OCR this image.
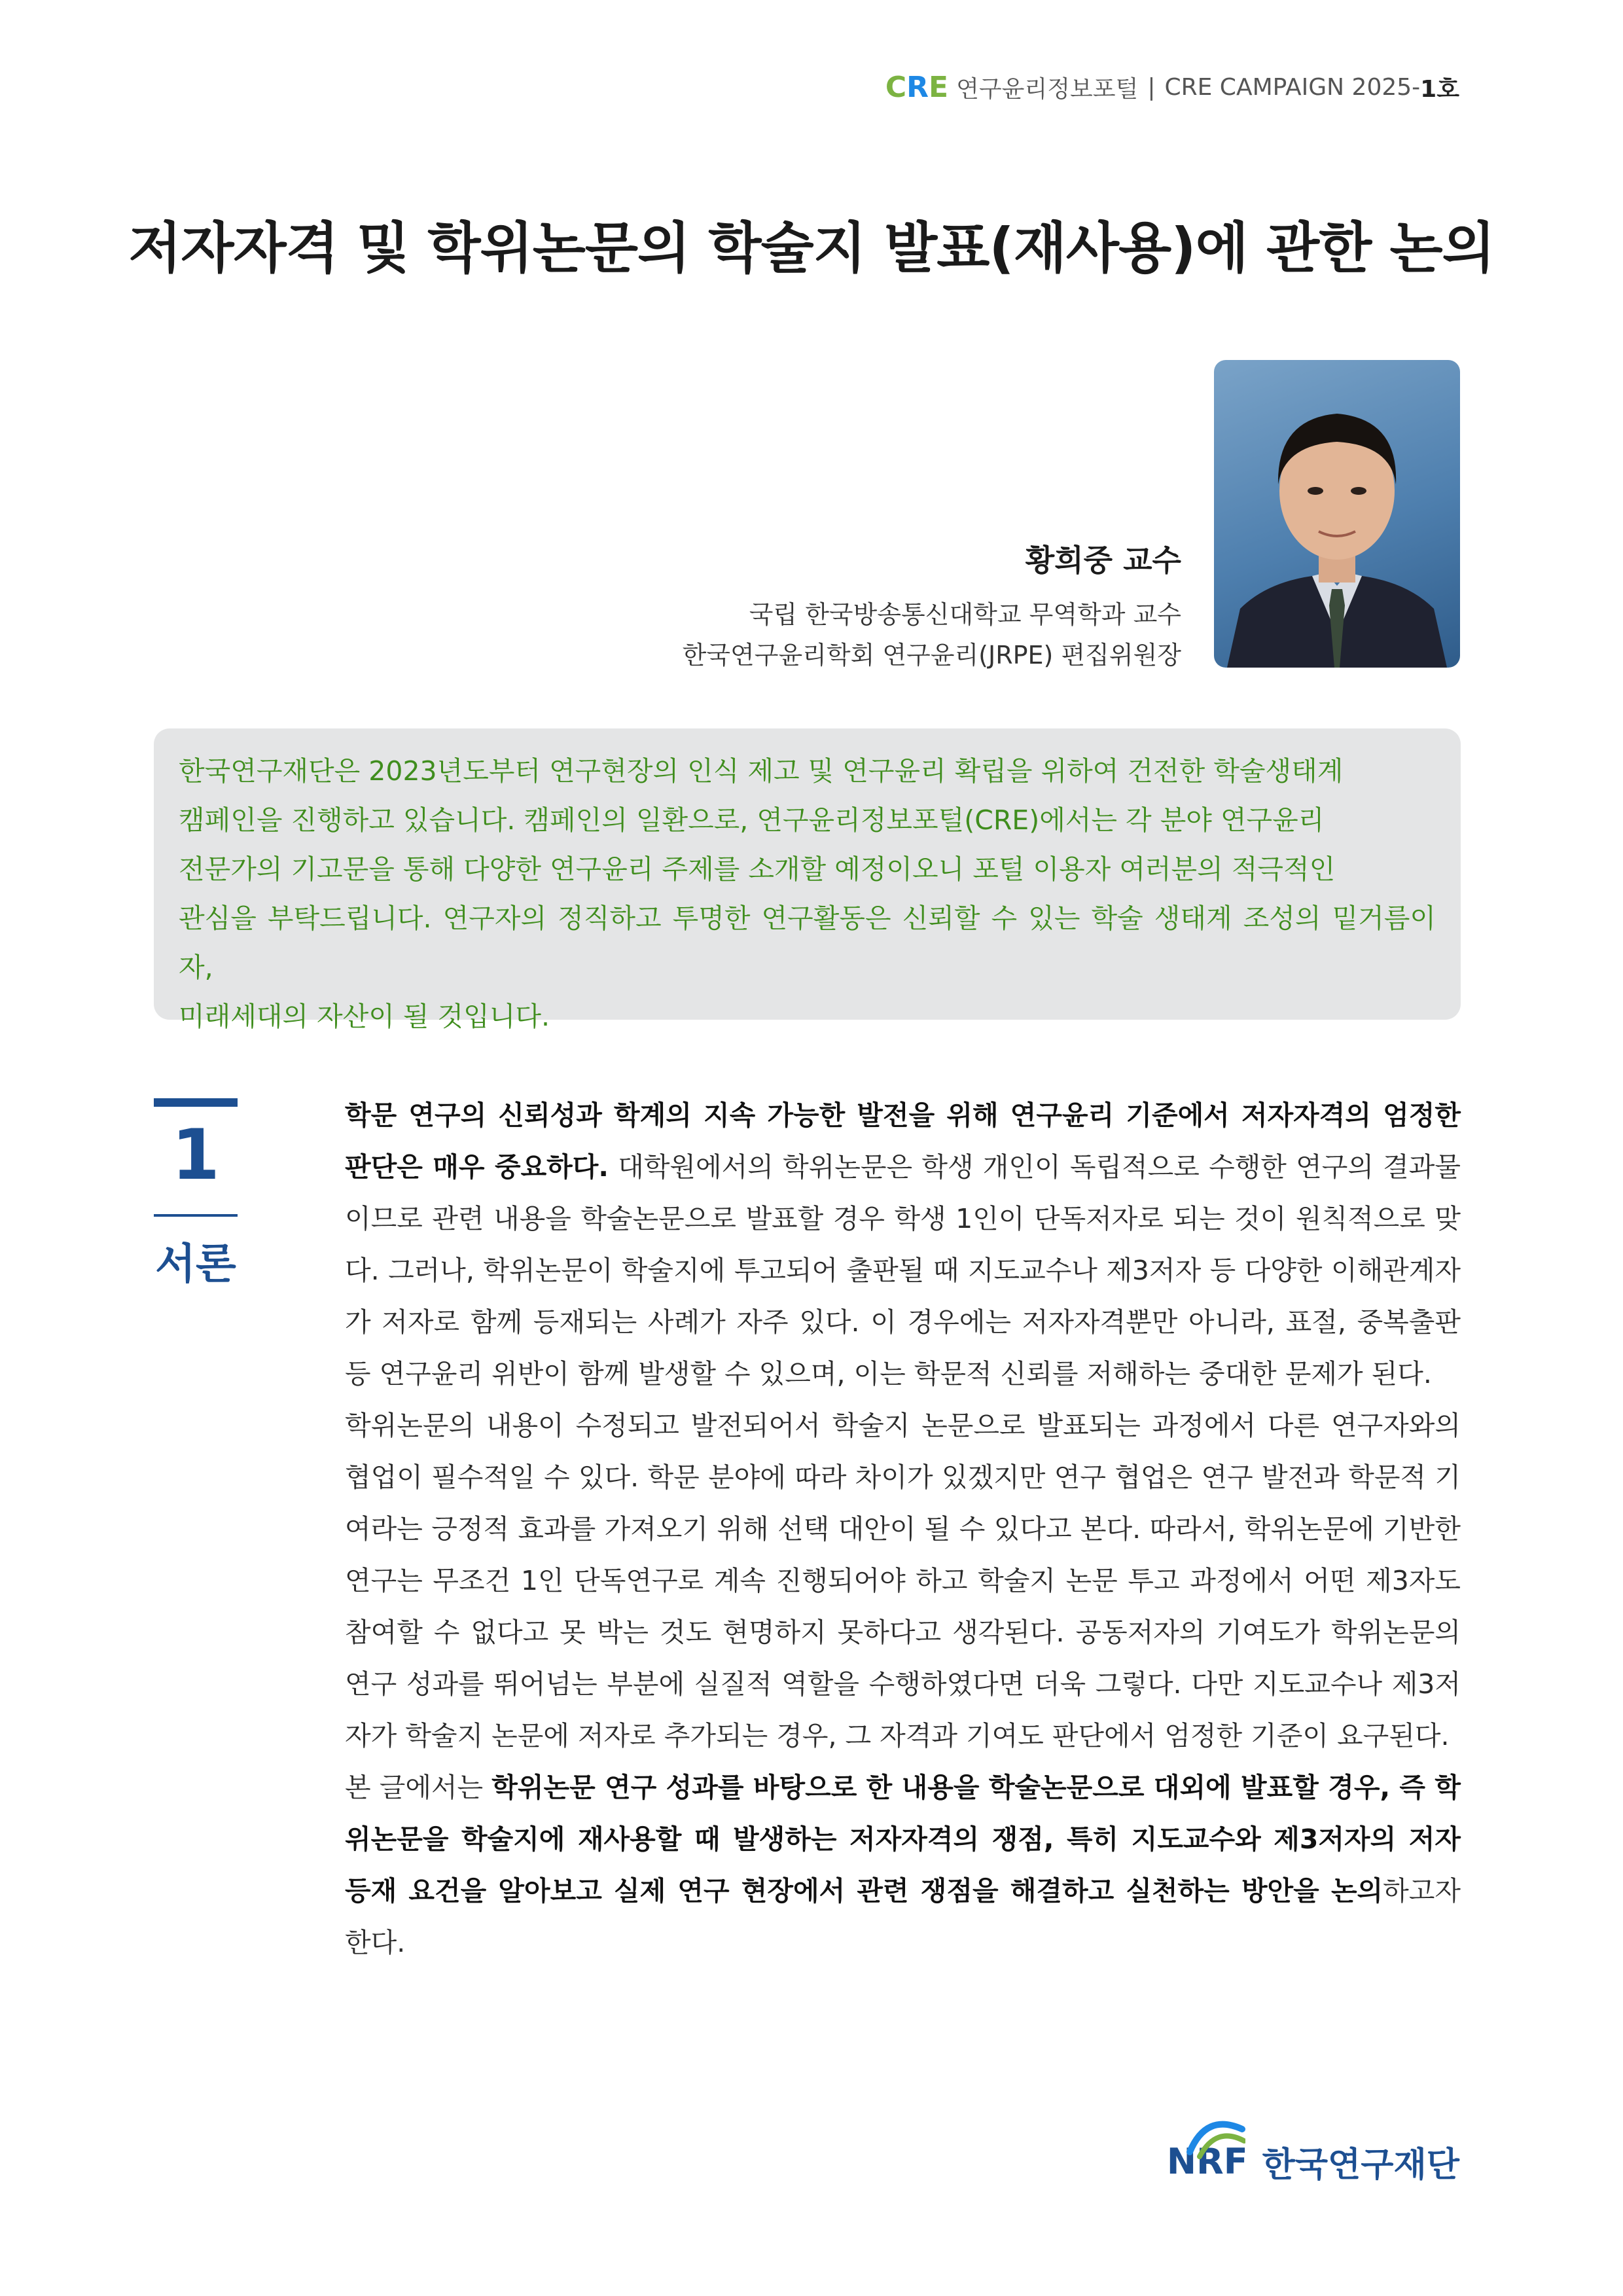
C R E 연구윤리정보포털 | CRE CAMPAIGN 2025- 1호
저자자격 및 학위논문의 학술지 발표(재사용)에 관한 논의
황희중 교수
국립 한국방송통신대학교 무역학과 교수
한국연구윤리학회 연구윤리(JRPE) 편집위원장

한국연구재단은 2023년도부터 연구현장의 인식 제고 및 연구윤리 확립을 위하여 건전한 학술생태계

캠페인을 진행하고 있습니다. 캠페인의 일환으로, 연구윤리정보포털(CRE)에서는 각 분야 연구윤리

전문가의 기고문을 통해 다양한 연구윤리 주제를 소개할 예정이오니 포털 이용자 여러분의 적극적인

관심을 부탁드립니다. 연구자의 정직하고 투명한 연구활동은 신뢰할 수 있는 학술 생태계 조성의 밑거름이자,

미래세대의 자산이 될 것입니다.

1
서론

학문 연구의 신뢰성과 학계의 지속 가능한 발전을 위해 연구윤리 기준에서 저자자격의 엄정한 판단은 매우 중요하다. 대학원에서의 학위논문은 학생 개인이 독립적으로 수행한 연구의 결과물이므로 관련 내용을 학술논문으로 발표할 경우 학생 1인이 단독저자로 되는 것이 원칙적으로 맞다. 그러나, 학위논문이 학술지에 투고되어 출판될 때 지도교수나 제3저자 등 다양한 이해관계자가 저자로 함께 등재되는 사례가 자주 있다. 이 경우에는 저자자격뿐만 아니라, 표절, 중복출판 등 연구윤리 위반이 함께 발생할 수 있으며, 이는 학문적 신뢰를 저해하는 중대한 문제가 된다.

학위논문의 내용이 수정되고 발전되어서 학술지 논문으로 발표되는 과정에서 다른 연구자와의 협업이 필수적일 수 있다. 학문 분야에 따라 차이가 있겠지만 연구 협업은 연구 발전과 학문적 기여라는 긍정적 효과를 가져오기 위해 선택 대안이 될 수 있다고 본다. 따라서, 학위논문에 기반한 연구는 무조건 1인 단독연구로 계속 진행되어야 하고 학술지 논문 투고 과정에서 어떤 제3자도 참여할 수 없다고 못 박는 것도 현명하지 못하다고 생각된다. 공동저자의 기여도가 학위논문의 연구 성과를 뛰어넘는 부분에 실질적 역할을 수행하였다면 더욱 그렇다. 다만 지도교수나 제3저자가 학술지 논문에 저자로 추가되는 경우, 그 자격과 기여도 판단에서 엄정한 기준이 요구된다.

본 글에서는 학위논문 연구 성과를 바탕으로 한 내용을 학술논문으로 대외에 발표할 경우, 즉 학위논문을 학술지에 재사용할 때 발생하는 저자자격의 쟁점, 특히 지도교수와 제3저자의 저자 등재 요건을 알아보고 실제 연구 현장에서 관련 쟁점을 해결하고 실천하는 방안을 논의하고자 한다.

NRF 한국연구재단
